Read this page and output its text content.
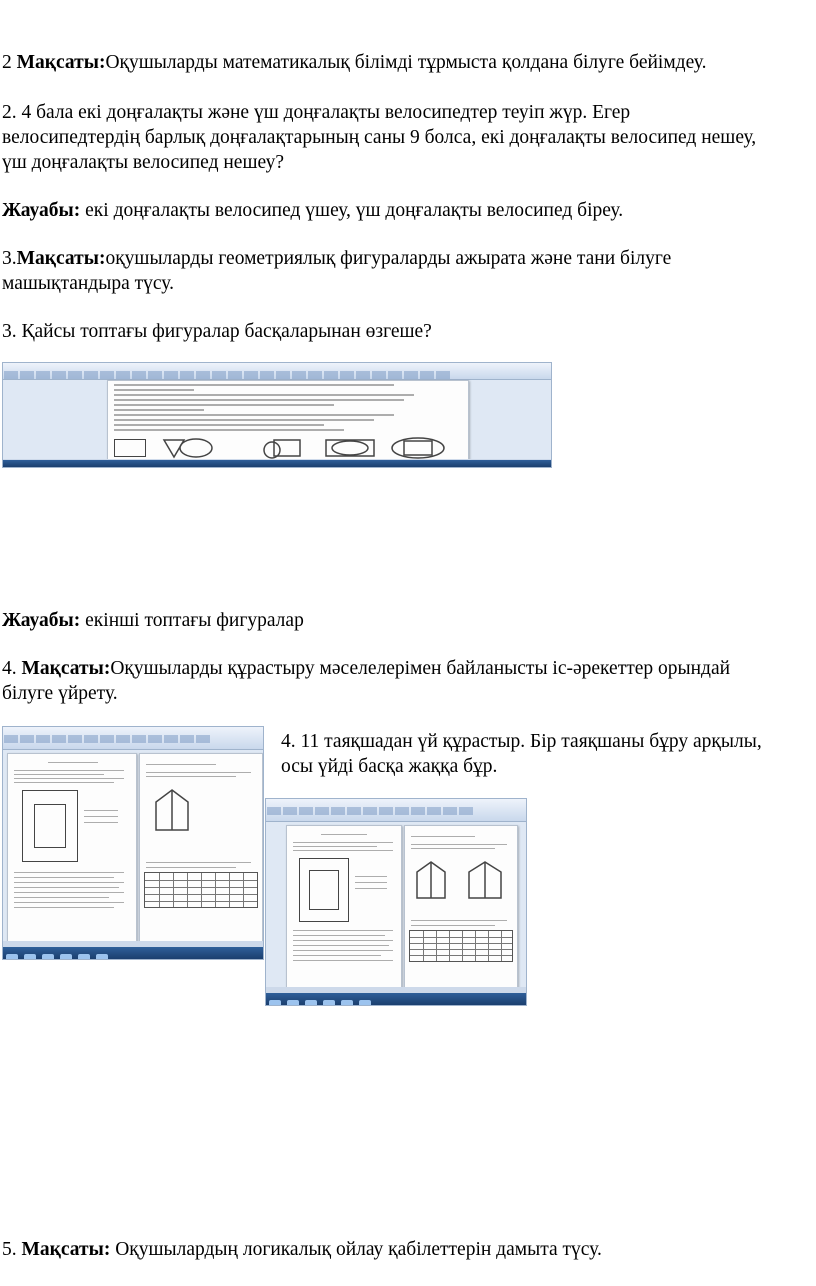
2 Мақсаты:Оқушыларды математикалық білімді тұрмыста қолдана білуге бейімдеу.

2. 4 бала екі доңғалақты және үш доңғалақты велосипедтер теуіп жүр. Егер

велосипедтердің барлық доңғалақтарының саны 9 болса, екі доңғалақты велосипед нешеу,

үш доңғалақты велосипед нешеу?

Жауабы: екі доңғалақты велосипед үшеу, үш доңғалақты велосипед біреу.

3.Мақсаты:оқушыларды геометриялық фигураларды ажырата және тани білуге

машықтандыра түсу.

3. Қайсы топтағы фигуралар басқаларынан өзгеше?

Жауабы: екінші топтағы фигуралар

4. Мақсаты:Оқушыларды құрастыру мәселелерімен байланысты іс-әрекеттер орындай

білуге үйрету.

4. 11 таяқшадан үй құрастыр. Бір таяқшаны бұру арқылы,

осы үйді басқа жаққа бұр.

5. Мақсаты: Оқушылардың логикалық ойлау қабілеттерін дамыта түсу.
